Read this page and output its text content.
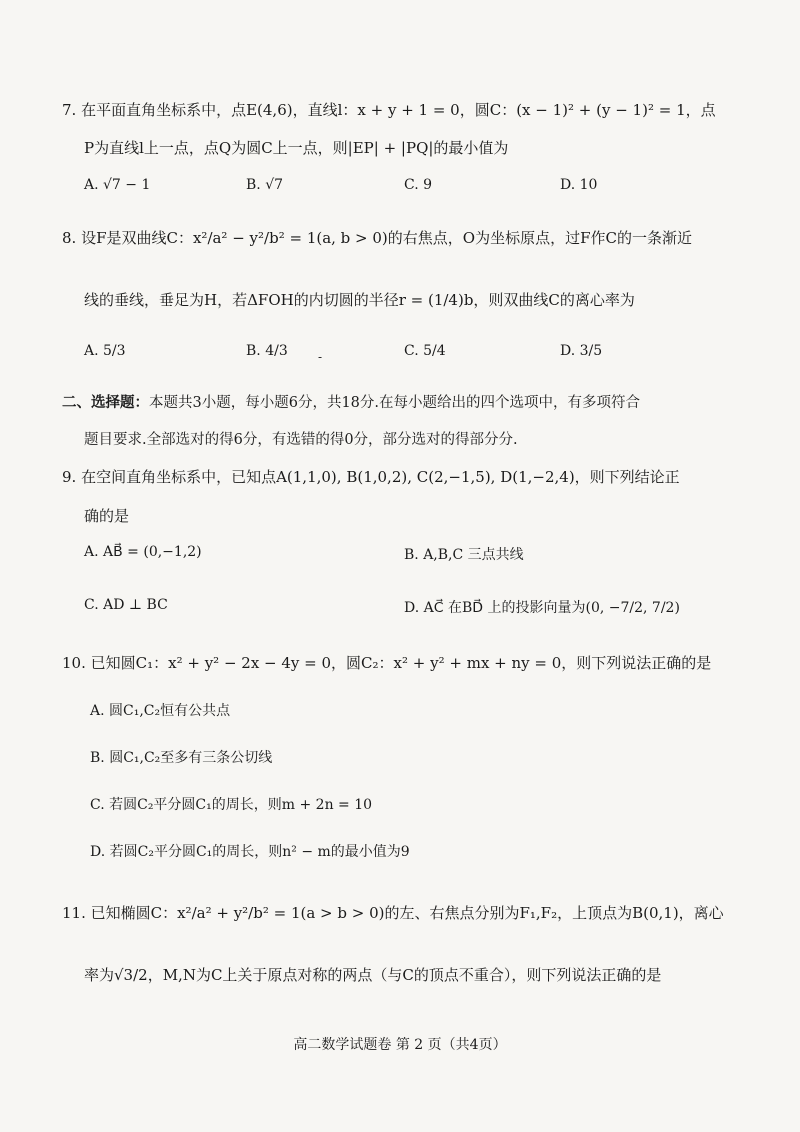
7. 在平面直角坐标系中，点E(4,6)，直线l：x + y + 1 = 0，圆C：(x − 1)² + (y − 1)² = 1，点
P为直线l上一点，点Q为圆C上一点，则|EP| + |PQ|的最小值为
A. √7 − 1	B. √7	C. 9	D. 10
8. 设F是双曲线C：x²/a² − y²/b² = 1(a, b > 0)的右焦点，O为坐标原点，过F作C的一条渐近
线的垂线，垂足为H，若ΔFOH的内切圆的半径r = (1/4)b，则双曲线C的离心率为
A. 5/3	B. 4/3	-	C. 5/4	D. 3/5
二、选择题：本题共3小题，每小题6分，共18分.在每小题给出的四个选项中，有多项符合
题目要求.全部选对的得6分，有选错的得0分，部分选对的得部分分.
9. 在空间直角坐标系中，已知点A(1,1,0), B(1,0,2), C(2,−1,5), D(1,−2,4)，则下列结论正
确的是
A. AB⃗ = (0,−1,2)	B. A,B,C 三点共线
C. AD ⊥ BC	D. AC⃗ 在BD⃗ 上的投影向量为(0, −7/2, 7/2)
10. 已知圆C₁：x² + y² − 2x − 4y = 0，圆C₂：x² + y² + mx + ny = 0，则下列说法正确的是
A. 圆C₁,C₂恒有公共点
B. 圆C₁,C₂至多有三条公切线
C. 若圆C₂平分圆C₁的周长，则m + 2n = 10
D. 若圆C₂平分圆C₁的周长，则n² − m的最小值为9
11. 已知椭圆C：x²/a² + y²/b² = 1(a > b > 0)的左、右焦点分别为F₁,F₂，上顶点为B(0,1)，离心
率为√3/2，M,N为C上关于原点对称的两点（与C的顶点不重合），则下列说法正确的是
高二数学试题卷 第 2 页（共4页）
